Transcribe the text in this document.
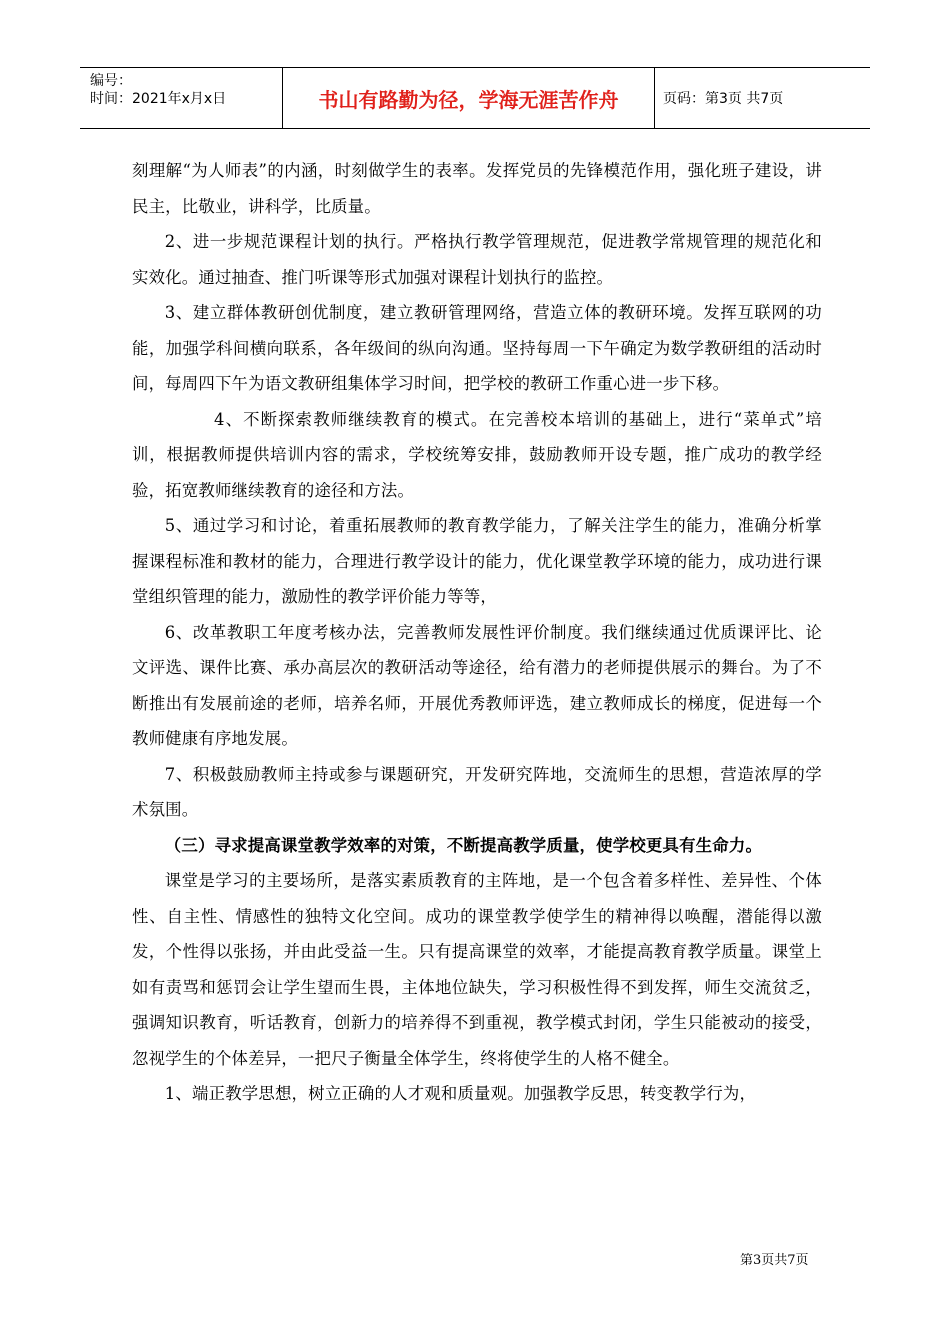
编号：
时间：2021年x月x日	书山有路勤为径，学海无涯苦作舟	页码：第3页 共7页

刻理解“为人师表”的内涵，时刻做学生的表率。发挥党员的先锋模范作用，强化班子建设，讲民主，比敬业，讲科学，比质量。

2、进一步规范课程计划的执行。严格执行教学管理规范，促进教学常规管理的规范化和实效化。通过抽查、推门听课等形式加强对课程计划执行的监控。

3、建立群体教研创优制度，建立教研管理网络，营造立体的教研环境。发挥互联网的功能，加强学科间横向联系，各年级间的纵向沟通。坚持每周一下午确定为数学教研组的活动时间，每周四下午为语文教研组集体学习时间，把学校的教研工作重心进一步下移。

4、不断探索教师继续教育的模式。在完善校本培训的基础上，进行“菜单式”培训，根据教师提供培训内容的需求，学校统筹安排，鼓励教师开设专题，推广成功的教学经验，拓宽教师继续教育的途径和方法。

5、通过学习和讨论，着重拓展教师的教育教学能力，了解关注学生的能力，准确分析掌握课程标准和教材的能力，合理进行教学设计的能力，优化课堂教学环境的能力，成功进行课堂组织管理的能力，激励性的教学评价能力等等，

6、改革教职工年度考核办法，完善教师发展性评价制度。我们继续通过优质课评比、论文评选、课件比赛、承办高层次的教研活动等途径，给有潜力的老师提供展示的舞台。为了不断推出有发展前途的老师，培养名师，开展优秀教师评选，建立教师成长的梯度，促进每一个教师健康有序地发展。

7、积极鼓励教师主持或参与课题研究，开发研究阵地，交流师生的思想，营造浓厚的学术氛围。

（三）寻求提高课堂教学效率的对策，不断提高教学质量，使学校更具有生命力。

课堂是学习的主要场所，是落实素质教育的主阵地，是一个包含着多样性、差异性、个体性、自主性、情感性的独特文化空间。成功的课堂教学使学生的精神得以唤醒，潜能得以激发，个性得以张扬，并由此受益一生。只有提高课堂的效率，才能提高教育教学质量。课堂上如有责骂和惩罚会让学生望而生畏，主体地位缺失，学习积极性得不到发挥，师生交流贫乏，强调知识教育，听话教育，创新力的培养得不到重视，教学模式封闭，学生只能被动的接受，忽视学生的个体差异，一把尺子衡量全体学生，终将使学生的人格不健全。

1、端正教学思想，树立正确的人才观和质量观。加强教学反思，转变教学行为，

第3页共7页
